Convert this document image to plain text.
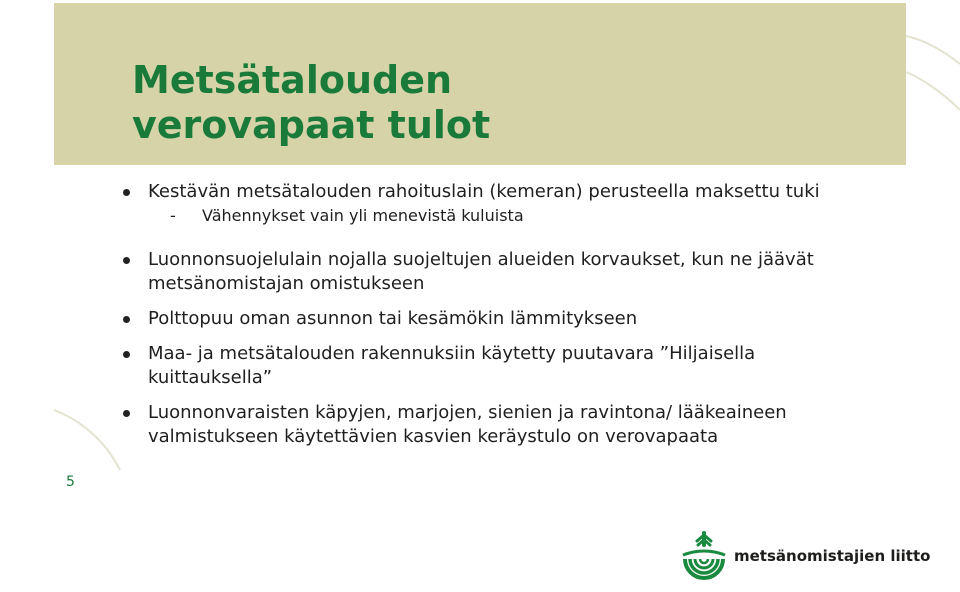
Metsätalouden
verovapaat tulot
Kestävän metsätalouden rahoituslain (kemeran) perusteella maksettu tuki
- Vähennykset vain yli menevistä kuluista
Luonnonsuojelulain nojalla suojeltujen alueiden korvaukset, kun ne jäävät metsänomistajan omistukseen
Polttopuu oman asunnon tai kesämökin lämmitykseen
Maa- ja metsätalouden rakennuksiin käytetty puutavara ”Hiljaisella kuittauksella”
Luonnonvaraisten käpyjen, marjojen, sienien ja ravintona/ lääkeaineen valmistukseen käytettävien kasvien keräystulo on verovapaata
5
metsänomistajien liitto
